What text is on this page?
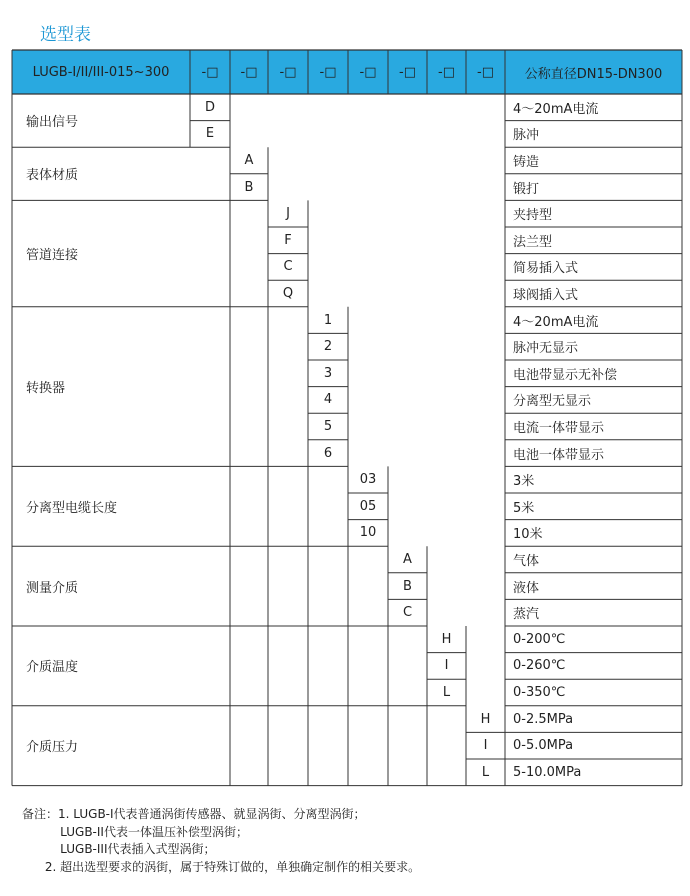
选型表
LUGB-I/II/III-015~300	-□	-□	-□	-□	-□	-□	-□	-□	公称直径DN15-DN300
输出信号
D	4～20mA电流
E	脉冲
表体材质
A	铸造
B	锻打
管道连接
J	夹持型
F	法兰型
C	简易插入式
Q	球阀插入式
转换器
1	4～20mA电流
2	脉冲无显示
3	电池带显示无补偿
4	分离型无显示
5	电流一体带显示
6	电池一体带显示
分离型电缆长度
03	3米
05	5米
10	10米
测量介质
A	气体
B	液体
C	蒸汽
介质温度
H	0-200℃
I	0-260℃
L	0-350℃
介质压力
H	0-2.5MPa
I	0-5.0MPa
L	5-10.0MPa
备注：1. LUGB-I代表普通涡街传感器、就显涡街、分离型涡街；
LUGB-II代表一体温压补偿型涡街；
LUGB-III代表插入式型涡街；
2. 超出选型要求的涡街，属于特殊订做的，单独确定制作的相关要求。
